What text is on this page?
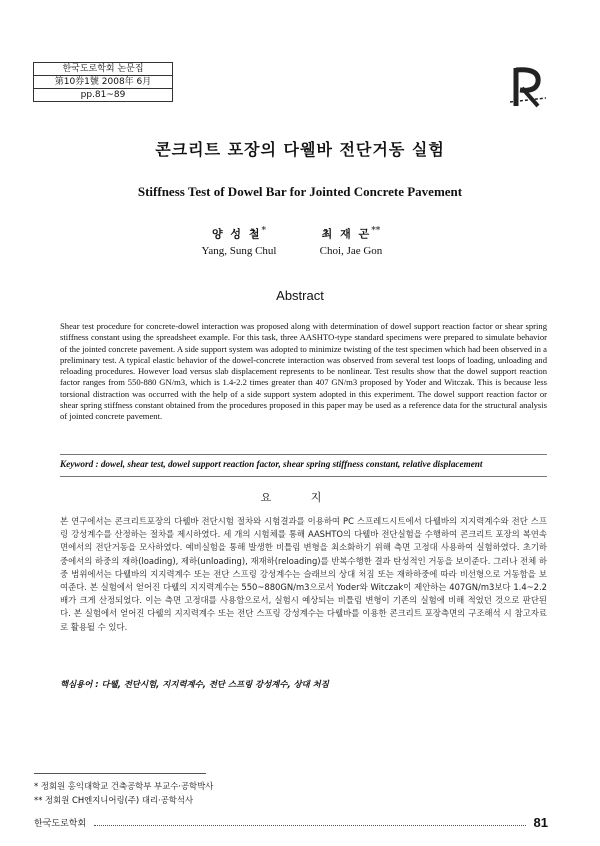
한국도로학회 논문집
第10券1號 2008年 6月
pp.81~89
콘크리트 포장의 다웰바 전단거동 실험
Stiffness Test of Dowel Bar for Jointed Concrete Pavement
양 성 철*
Yang, Sung Chul
최 재 곤**
Choi, Jae Gon
Abstract
Shear test procedure for concrete-dowel interaction was proposed along with determination of dowel support reaction factor or shear spring stiffness constant using the spreadsheet example. For this task, three AASHTO-type standard specimens were prepared to simulate behavior of the jointed concrete pavement. A side support system was adopted to minimize twisting of the test specimen which had been observed in a preliminary test. A typical elastic behavior of the dowel-concrete interaction was observed from several test loops of loading, unloading and reloading procedures. However load versus slab displacement represents to be nonlinear. Test results show that the dowel support reaction factor ranges from 550-880 GN/m3, which is 1.4-2.2 times greater than 407 GN/m3 proposed by Yoder and Witczak. This is because less torsional distraction was occurred with the help of a side support system adopted in this experiment. The dowel support reaction factor or shear spring stiffness constant obtained from the procedures proposed in this paper may be used as a reference data for the structural analysis of jointed concrete pavement.
Keyword : dowel, shear test, dowel support reaction factor, shear spring stiffness constant, relative displacement
요 지
본 연구에서는 콘크리트포장의 다웰바 전단시험 절차와 시험결과를 이용하여 PC 스프레드시트에서 다웰바의 지지력계수와 전단 스프링 강성계수를 산정하는 절차를 제시하였다. 세 개의 시험체를 통해 AASHTO의 다웰바 전단실험을 수행하여 콘크리트 포장의 복연속면에서의 전단거동을 모사하였다. 예비실험을 통해 발생한 비틀림 변형을 최소화하기 위해 측면 고정대 사용하여 실험하였다. 초기하중에서의 하중의 재하(loading), 제하(unloading), 재재하(reloading)를 반복수행한 결과 탄성적인 거동을 보이준다. 그러나 전체 하중 범위에서는 다웰바의 지지력계수 또는 전단 스프링 강성계수는 슬래브의 상대 처짐 또는 재하하중에 따라 비선형으로 거동함을 보여준다. 본 실험에서 얻어진 다웰의 지지력계수는 550~880GN/m3으로서 Yoder와 Witczak이 제안하는 407GN/m3보다 1.4~2.2배가 크게 산정되었다. 이는 측면 고정대를 사용함으로서, 실험시 예상되는 비틀림 변형이 기존의 실험에 비해 적었던 것으로 판단된다. 본 실험에서 얻어진 다웰의 지지력계수 또는 전단 스프링 강성계수는 다웰바를 이용한 콘크리트 포장측면의 구조해석 시 참고자료로 활용될 수 있다.
핵심용어 : 다웰, 전단시험, 지지력계수, 전단 스프링 강성계수, 상대 처짐
* 정회원 홍익대학교 건축공학부 부교수·공학박사
** 정회원 CH엔지니어링(주) 대리·공학석사
한국도로학회	81
